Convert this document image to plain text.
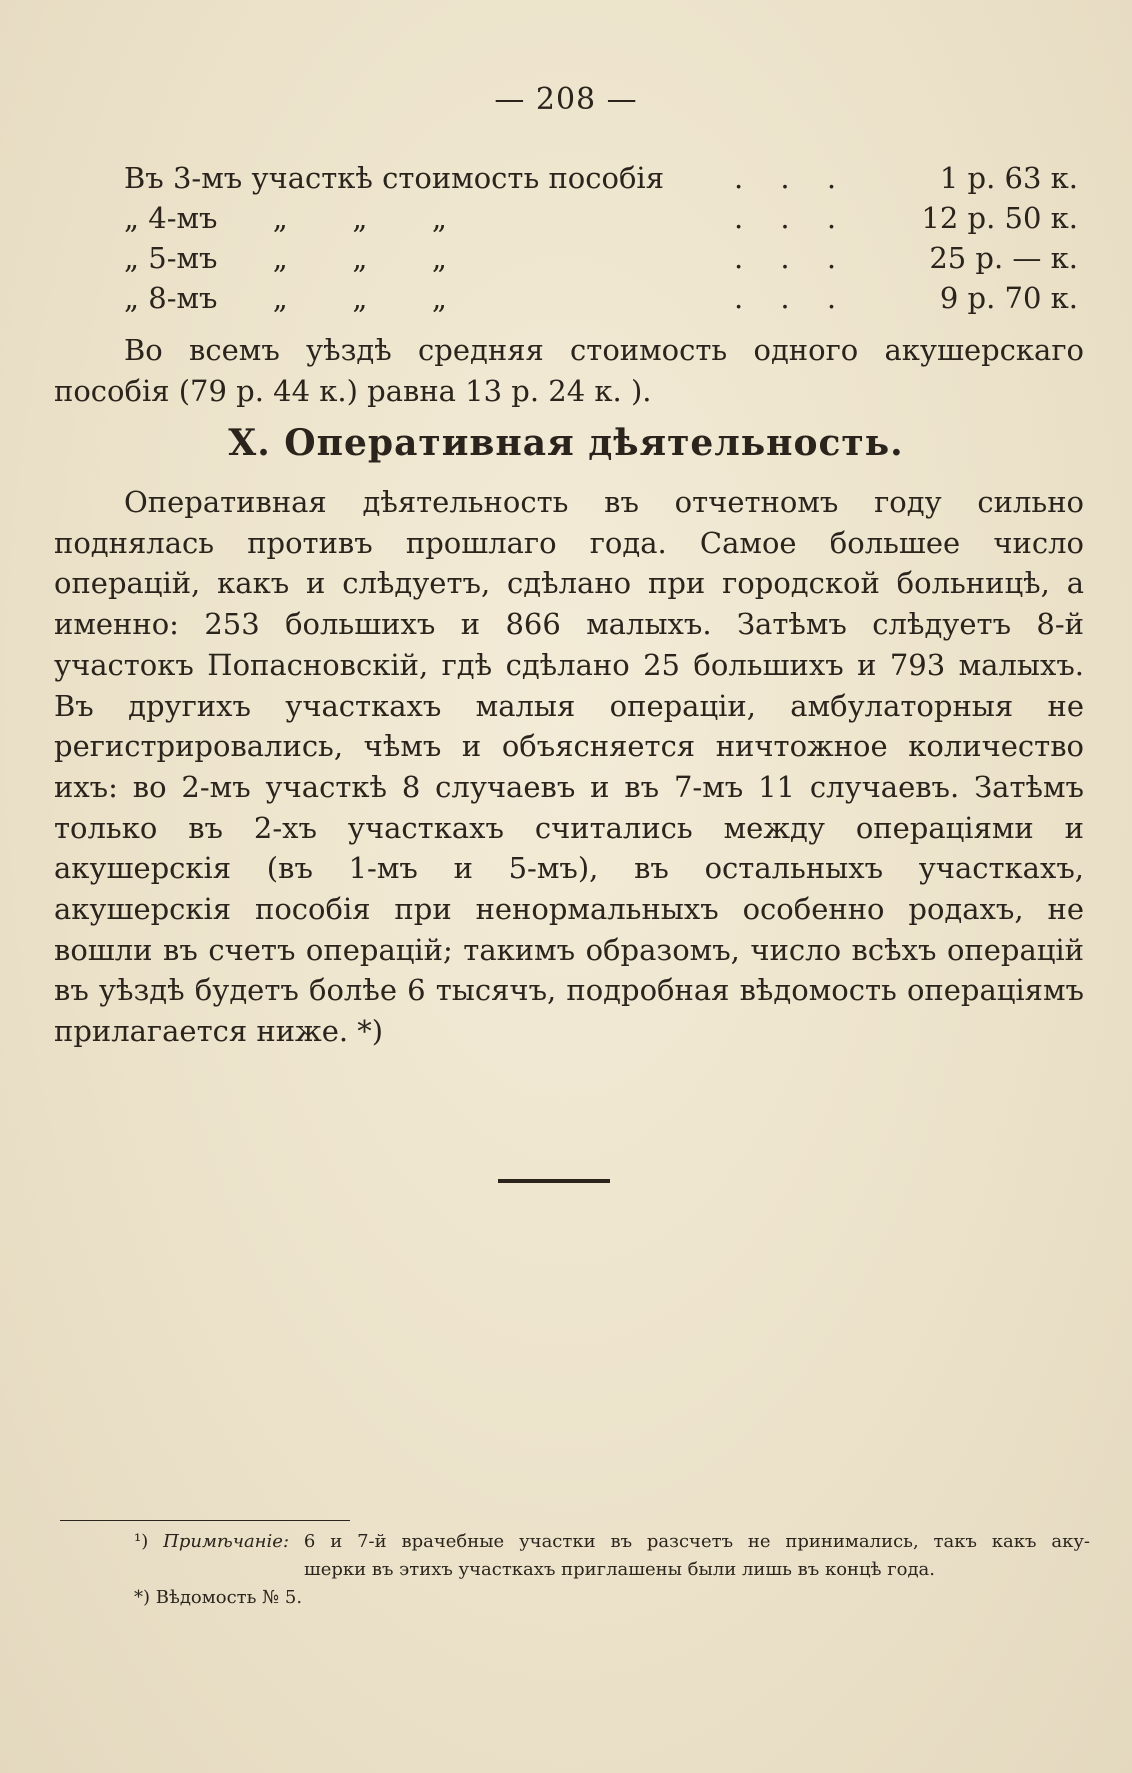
— 208 —
Въ 3-мъ участкѣ стоимость пособія	. . .	1 р. 63 к.
„ 4-мъ      „       „       „	. . .	12 р. 50 к.
„ 5-мъ      „       „       „	. . .	25 р. — к.
„ 8-мъ      „       „       „	. . .	9 р. 70 к.
Во всемъ уѣздѣ средняя стоимость одного акушерскаго пособія (79 р. 44 к.) равна 13 р. 24 к. ).
X. Оперативная дѣятельность.
Оперативная дѣятельность въ отчетномъ году сильно поднялась противъ прошлаго года. Самое большее число операцій, какъ и слѣдуетъ, сдѣлано при городской больницѣ, а именно: 253 большихъ и 866 малыхъ. Затѣмъ слѣдуетъ 8-й участокъ Попасновскій, гдѣ сдѣлано 25 большихъ и 793 малыхъ. Въ другихъ участкахъ малыя операціи, амбулаторныя не регистрировались, чѣмъ и объясняется ничтожное количество ихъ: во 2-мъ участкѣ 8 случаевъ и въ 7-мъ 11 случаевъ. Затѣмъ только въ 2-хъ участкахъ считались между операціями и акушерскія (въ 1-мъ и 5-мъ), въ остальныхъ участкахъ, акушерскія пособія при ненормальныхъ особенно родахъ, не вошли въ счетъ операцій; такимъ образомъ, число всѣхъ операцій въ уѣздѣ будетъ болѣе 6 тысячъ, подробная вѣдомость операціямъ прилагается ниже. *)
¹) Примѣчаніе: 6 и 7-й врачебные участки въ разсчетъ не принимались, такъ какъ аку-
шерки въ этихъ участкахъ приглашены были лишь въ концѣ года.
*) Вѣдомость № 5.
